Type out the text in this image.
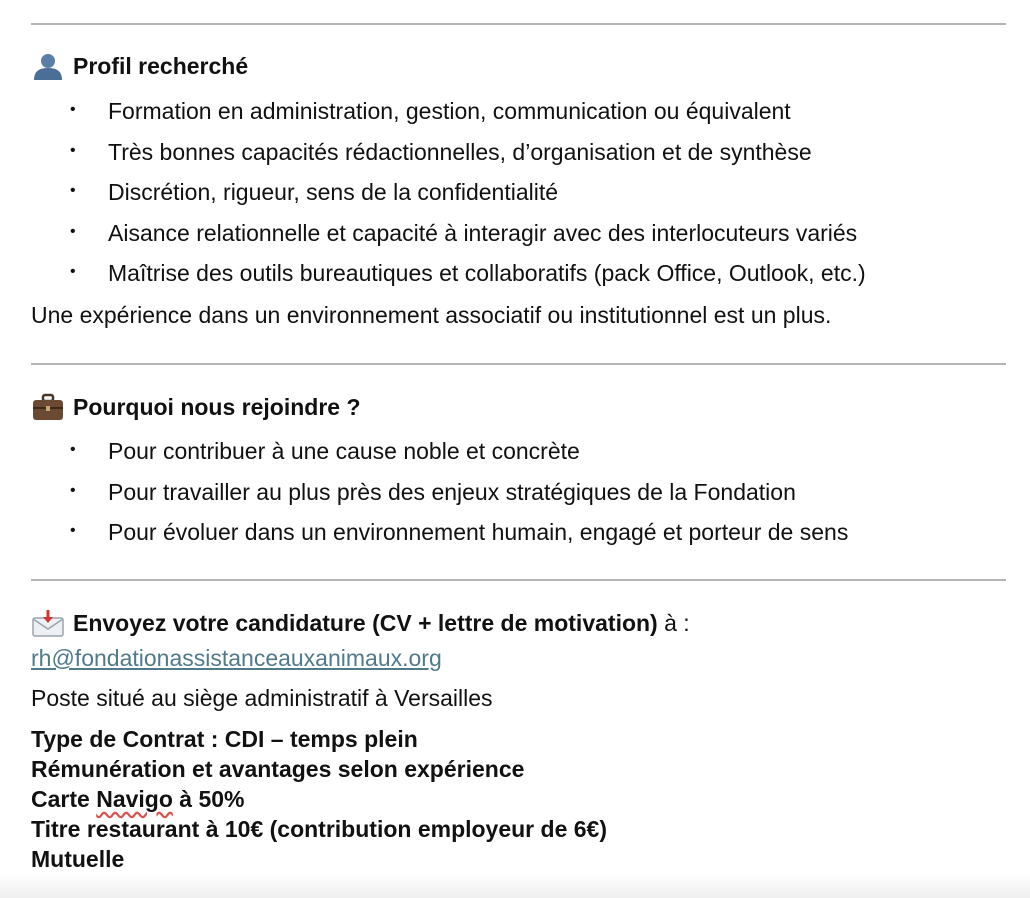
Profil recherché
• Formation en administration, gestion, communication ou équivalent
• Très bonnes capacités rédactionnelles, d’organisation et de synthèse
• Discrétion, rigueur, sens de la confidentialité
• Aisance relationnelle et capacité à interagir avec des interlocuteurs variés
• Maîtrise des outils bureautiques et collaboratifs (pack Office, Outlook, etc.)
Une expérience dans un environnement associatif ou institutionnel est un plus.
Pourquoi nous rejoindre ?
• Pour contribuer à une cause noble et concrète
• Pour travailler au plus près des enjeux stratégiques de la Fondation
• Pour évoluer dans un environnement humain, engagé et porteur de sens
Envoyez votre candidature (CV + lettre de motivation) à :
rh@fondationassistanceauxanimaux.org
Poste situé au siège administratif à Versailles
Type de Contrat : CDI – temps plein
Rémunération et avantages selon expérience
Carte Navigo à 50%
Titre restaurant à 10€ (contribution employeur de 6€)
Mutuelle
